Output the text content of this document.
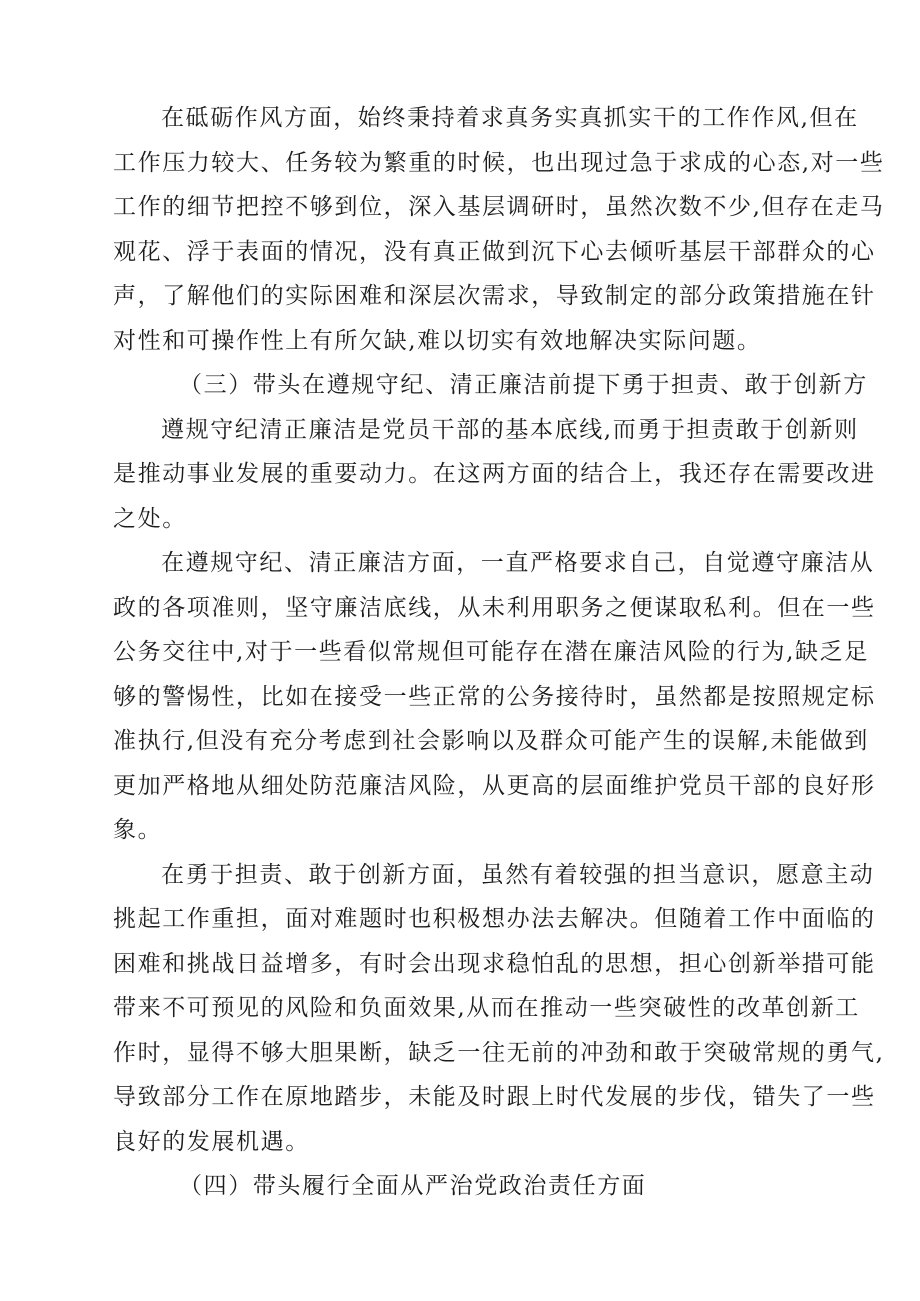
在砥砺作风方面，始终秉持着求真务实真抓实干的工作作风,但在
工作压力较大、任务较为繁重的时候，也出现过急于求成的心态,对一些
工作的细节把控不够到位，深入基层调研时，虽然次数不少,但存在走马
观花、浮于表面的情况，没有真正做到沉下心去倾听基层干部群众的心
声，了解他们的实际困难和深层次需求，导致制定的部分政策措施在针
对性和可操作性上有所欠缺,难以切实有效地解决实际问题。
（三）带头在遵规守纪、清正廉洁前提下勇于担责、敢于创新方
遵规守纪清正廉洁是党员干部的基本底线,而勇于担责敢于创新则
是推动事业发展的重要动力。在这两方面的结合上，我还存在需要改进
之处。
在遵规守纪、清正廉洁方面，一直严格要求自己，自觉遵守廉洁从
政的各项准则，坚守廉洁底线，从未利用职务之便谋取私利。但在一些
公务交往中,对于一些看似常规但可能存在潜在廉洁风险的行为,缺乏足
够的警惕性，比如在接受一些正常的公务接待时，虽然都是按照规定标
准执行,但没有充分考虑到社会影响以及群众可能产生的误解,未能做到
更加严格地从细处防范廉洁风险，从更高的层面维护党员干部的良好形
象。
在勇于担责、敢于创新方面，虽然有着较强的担当意识，愿意主动
挑起工作重担，面对难题时也积极想办法去解决。但随着工作中面临的
困难和挑战日益增多，有时会出现求稳怕乱的思想，担心创新举措可能
带来不可预见的风险和负面效果,从而在推动一些突破性的改革创新工
作时，显得不够大胆果断，缺乏一往无前的冲劲和敢于突破常规的勇气,
导致部分工作在原地踏步，未能及时跟上时代发展的步伐，错失了一些
良好的发展机遇。
（四）带头履行全面从严治党政治责任方面
